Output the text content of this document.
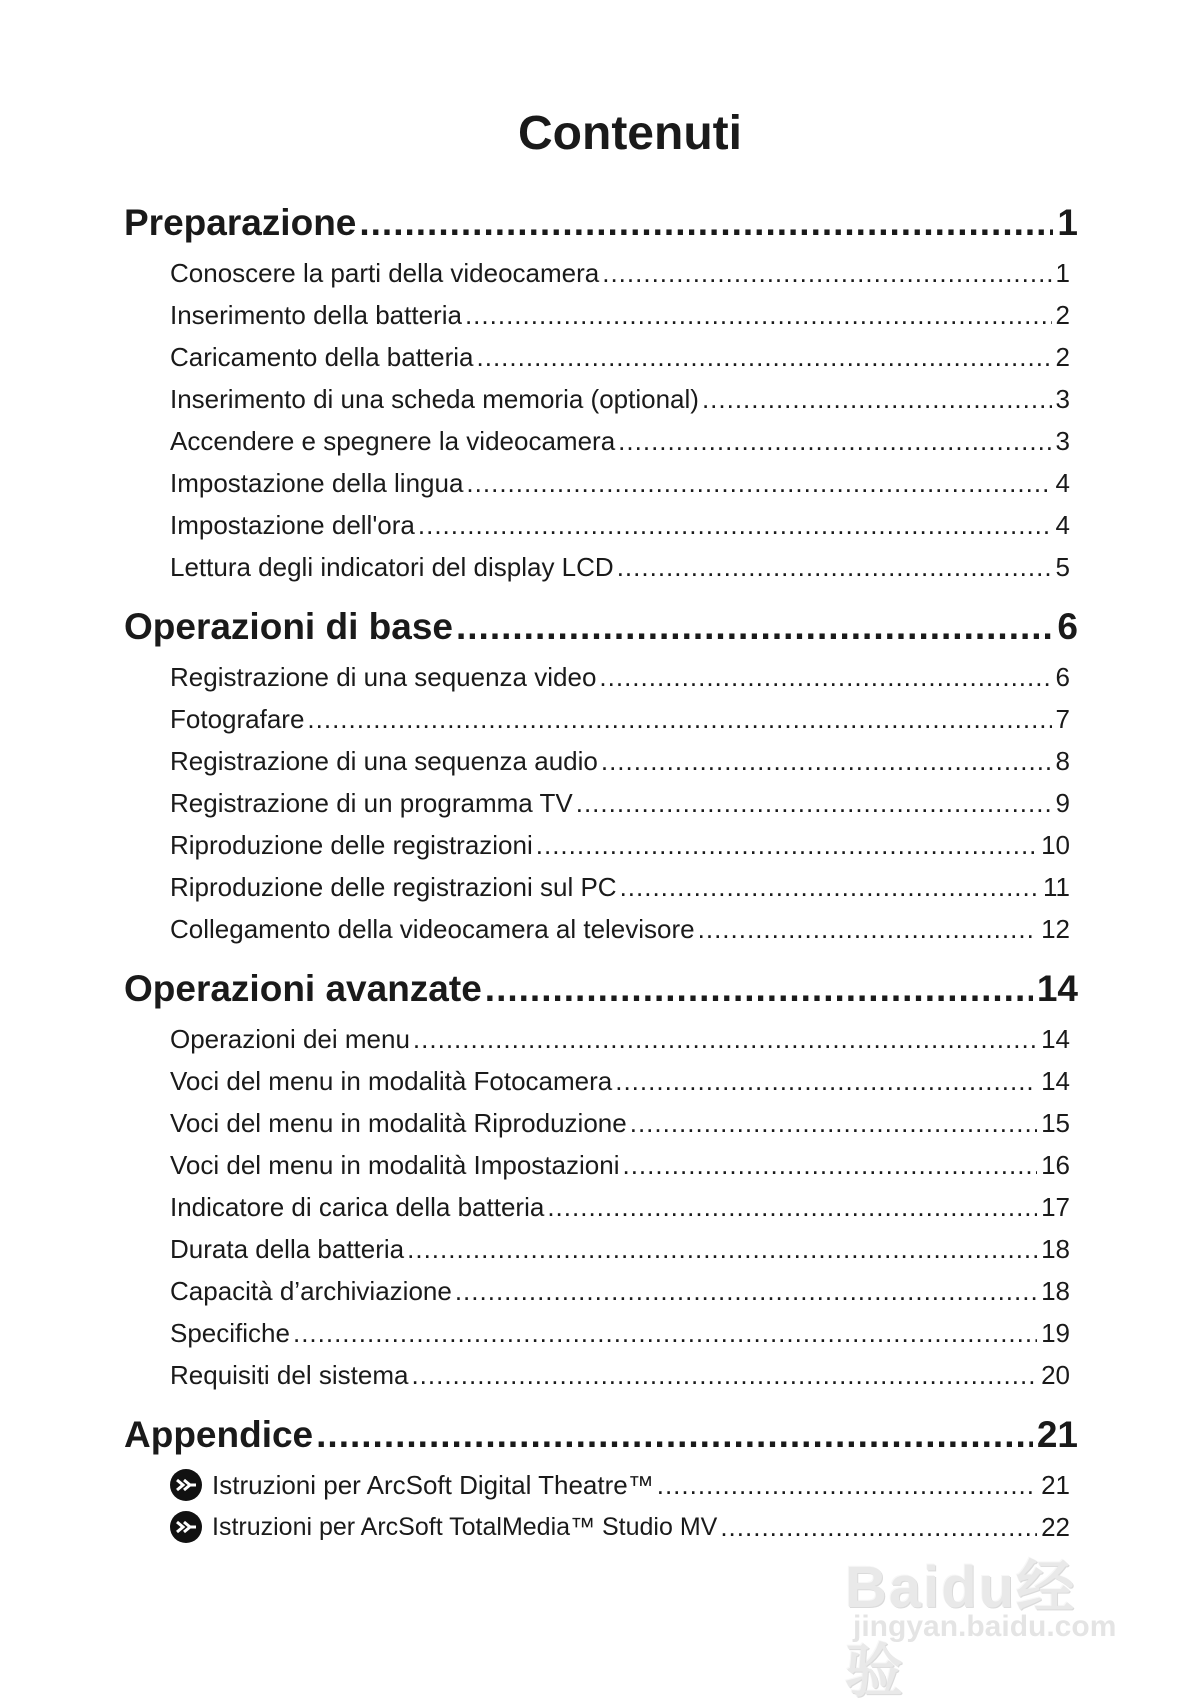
Contenuti
Preparazione .....	1
Conoscere la parti della videocamera .....	1
Inserimento della batteria .....	2
Caricamento della batteria .....	2
Inserimento di una scheda memoria (optional) .....	3
Accendere e spegnere la videocamera .....	3
Impostazione della lingua .....	4
Impostazione dell'ora .....	4
Lettura degli indicatori del display LCD .....	5
Operazioni di base .....	6
Registrazione di una sequenza video .....	6
Fotografare .....	7
Registrazione di una sequenza audio .....	8
Registrazione di un programma TV .....	9
Riproduzione delle registrazioni .....	10
Riproduzione delle registrazioni sul PC .....	11
Collegamento della videocamera al televisore .....	12
Operazioni avanzate .....	14
Operazioni dei menu .....	14
Voci del menu in modalità Fotocamera .....	14
Voci del menu in modalità Riproduzione .....	15
Voci del menu in modalità Impostazioni .....	16
Indicatore di carica della batteria .....	17
Durata della batteria .....	18
Capacità d’archiviazione .....	18
Specifiche .....	19
Requisiti del sistema .....	20
Appendice .....	21
Istruzioni per ArcSoft Digital Theatre™ .....	21
Istruzioni per ArcSoft TotalMedia™ Studio MV .....	22
Baidu经验
jingyan.baidu.com
